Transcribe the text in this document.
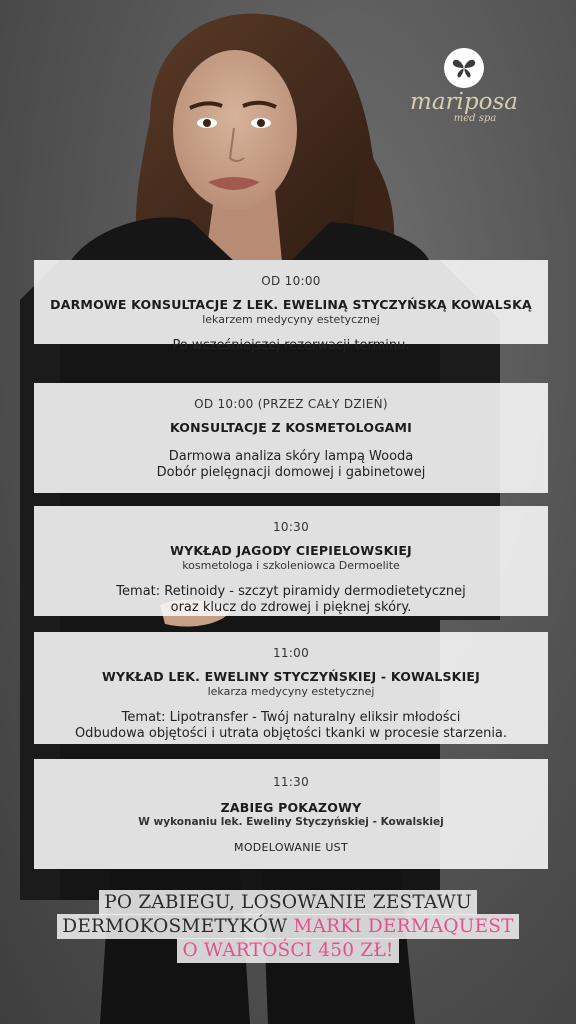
mariposa
med spa
OD 10:00
DARMOWE KONSULTACJE Z LEK. EWELINĄ STYCZYŃSKĄ KOWALSKĄ
lekarzem medycyny estetycznej
Po wcześniejszej rezerwacji terminu.
OD 10:00 (PRZEZ CAŁY DZIEŃ)
KONSULTACJE Z KOSMETOLOGAMI
Darmowa analiza skóry lampą Wooda
Dobór pielęgnacji domowej i gabinetowej
10:30
WYKŁAD JAGODY CIEPIELOWSKIEJ
kosmetologa i szkoleniowca Dermoelite
Temat: Retinoidy - szczyt piramidy dermodietetycznej
oraz klucz do zdrowej i pięknej skóry.
11:00
WYKŁAD LEK. EWELINY STYCZYŃSKIEJ - KOWALSKIEJ
lekarza medycyny estetycznej
Temat: Lipotransfer - Twój naturalny eliksir młodości
Odbudowa objętości i utrata objętości tkanki w procesie starzenia.
11:30
ZABIEG POKAZOWY
W wykonaniu lek. Eweliny Styczyńskiej - Kowalskiej
MODELOWANIE UST
PO ZABIEGU, LOSOWANIE ZESTAWU
DERMOKOSMETYKÓW MARKI DERMAQUEST
O WARTOŚCI 450 ZŁ!
